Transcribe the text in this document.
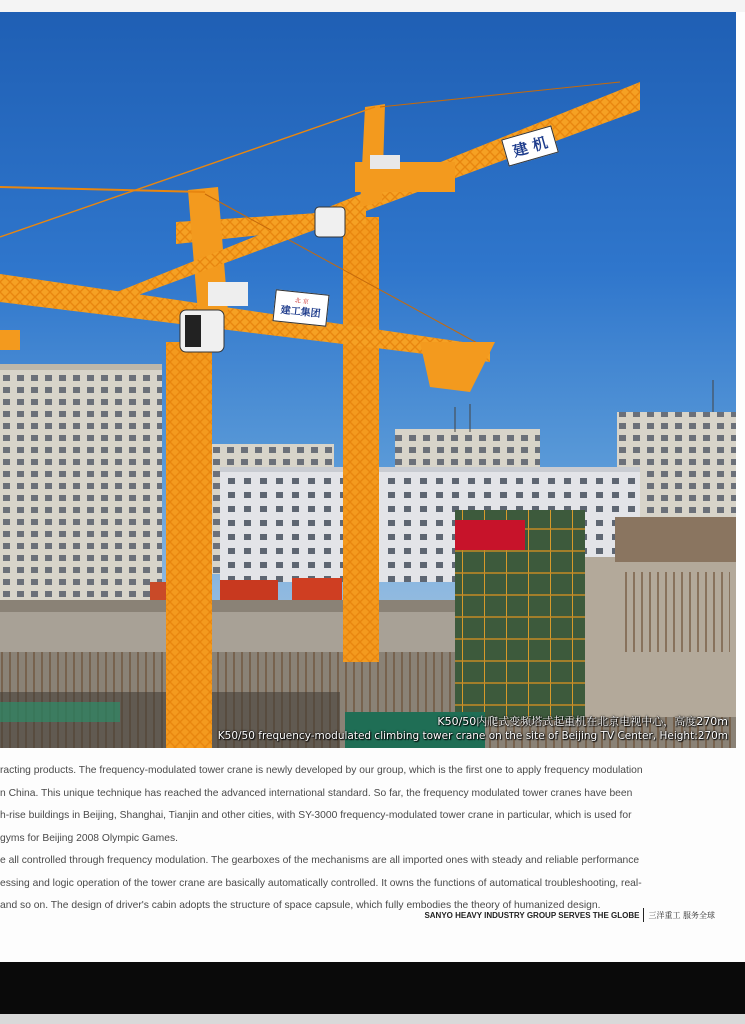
建 机
北 京
建工集团
K50/50内爬式变频塔式起重机在北京电视中心，高度270m
K50/50 frequency-modulated climbing tower crane on the site of Beijing TV Center, Height:270m

racting products. The frequency-modulated tower crane is newly developed by our group, which is the first one to apply frequency modulation

n China. This unique technique has reached the advanced international standard. So far, the frequency modulated tower cranes have been

h-rise buildings in Beijing, Shanghai, Tianjin and other cities, with SY-3000 frequency-modulated tower crane in particular, which is used for

gyms for Beijing 2008 Olympic Games.

e all controlled through frequency modulation. The gearboxes of the mechanisms are all imported ones with steady and reliable performance

essing and logic operation of the tower crane are basically automatically controlled. It owns the functions of automatical troubleshooting, real-

and so on. The design of driver's cabin adopts the structure of space capsule, which fully embodies the theory of humanized design.

SANYO HEAVY INDUSTRY GROUP SERVES THE GLOBE 三洋重工 服务全球
